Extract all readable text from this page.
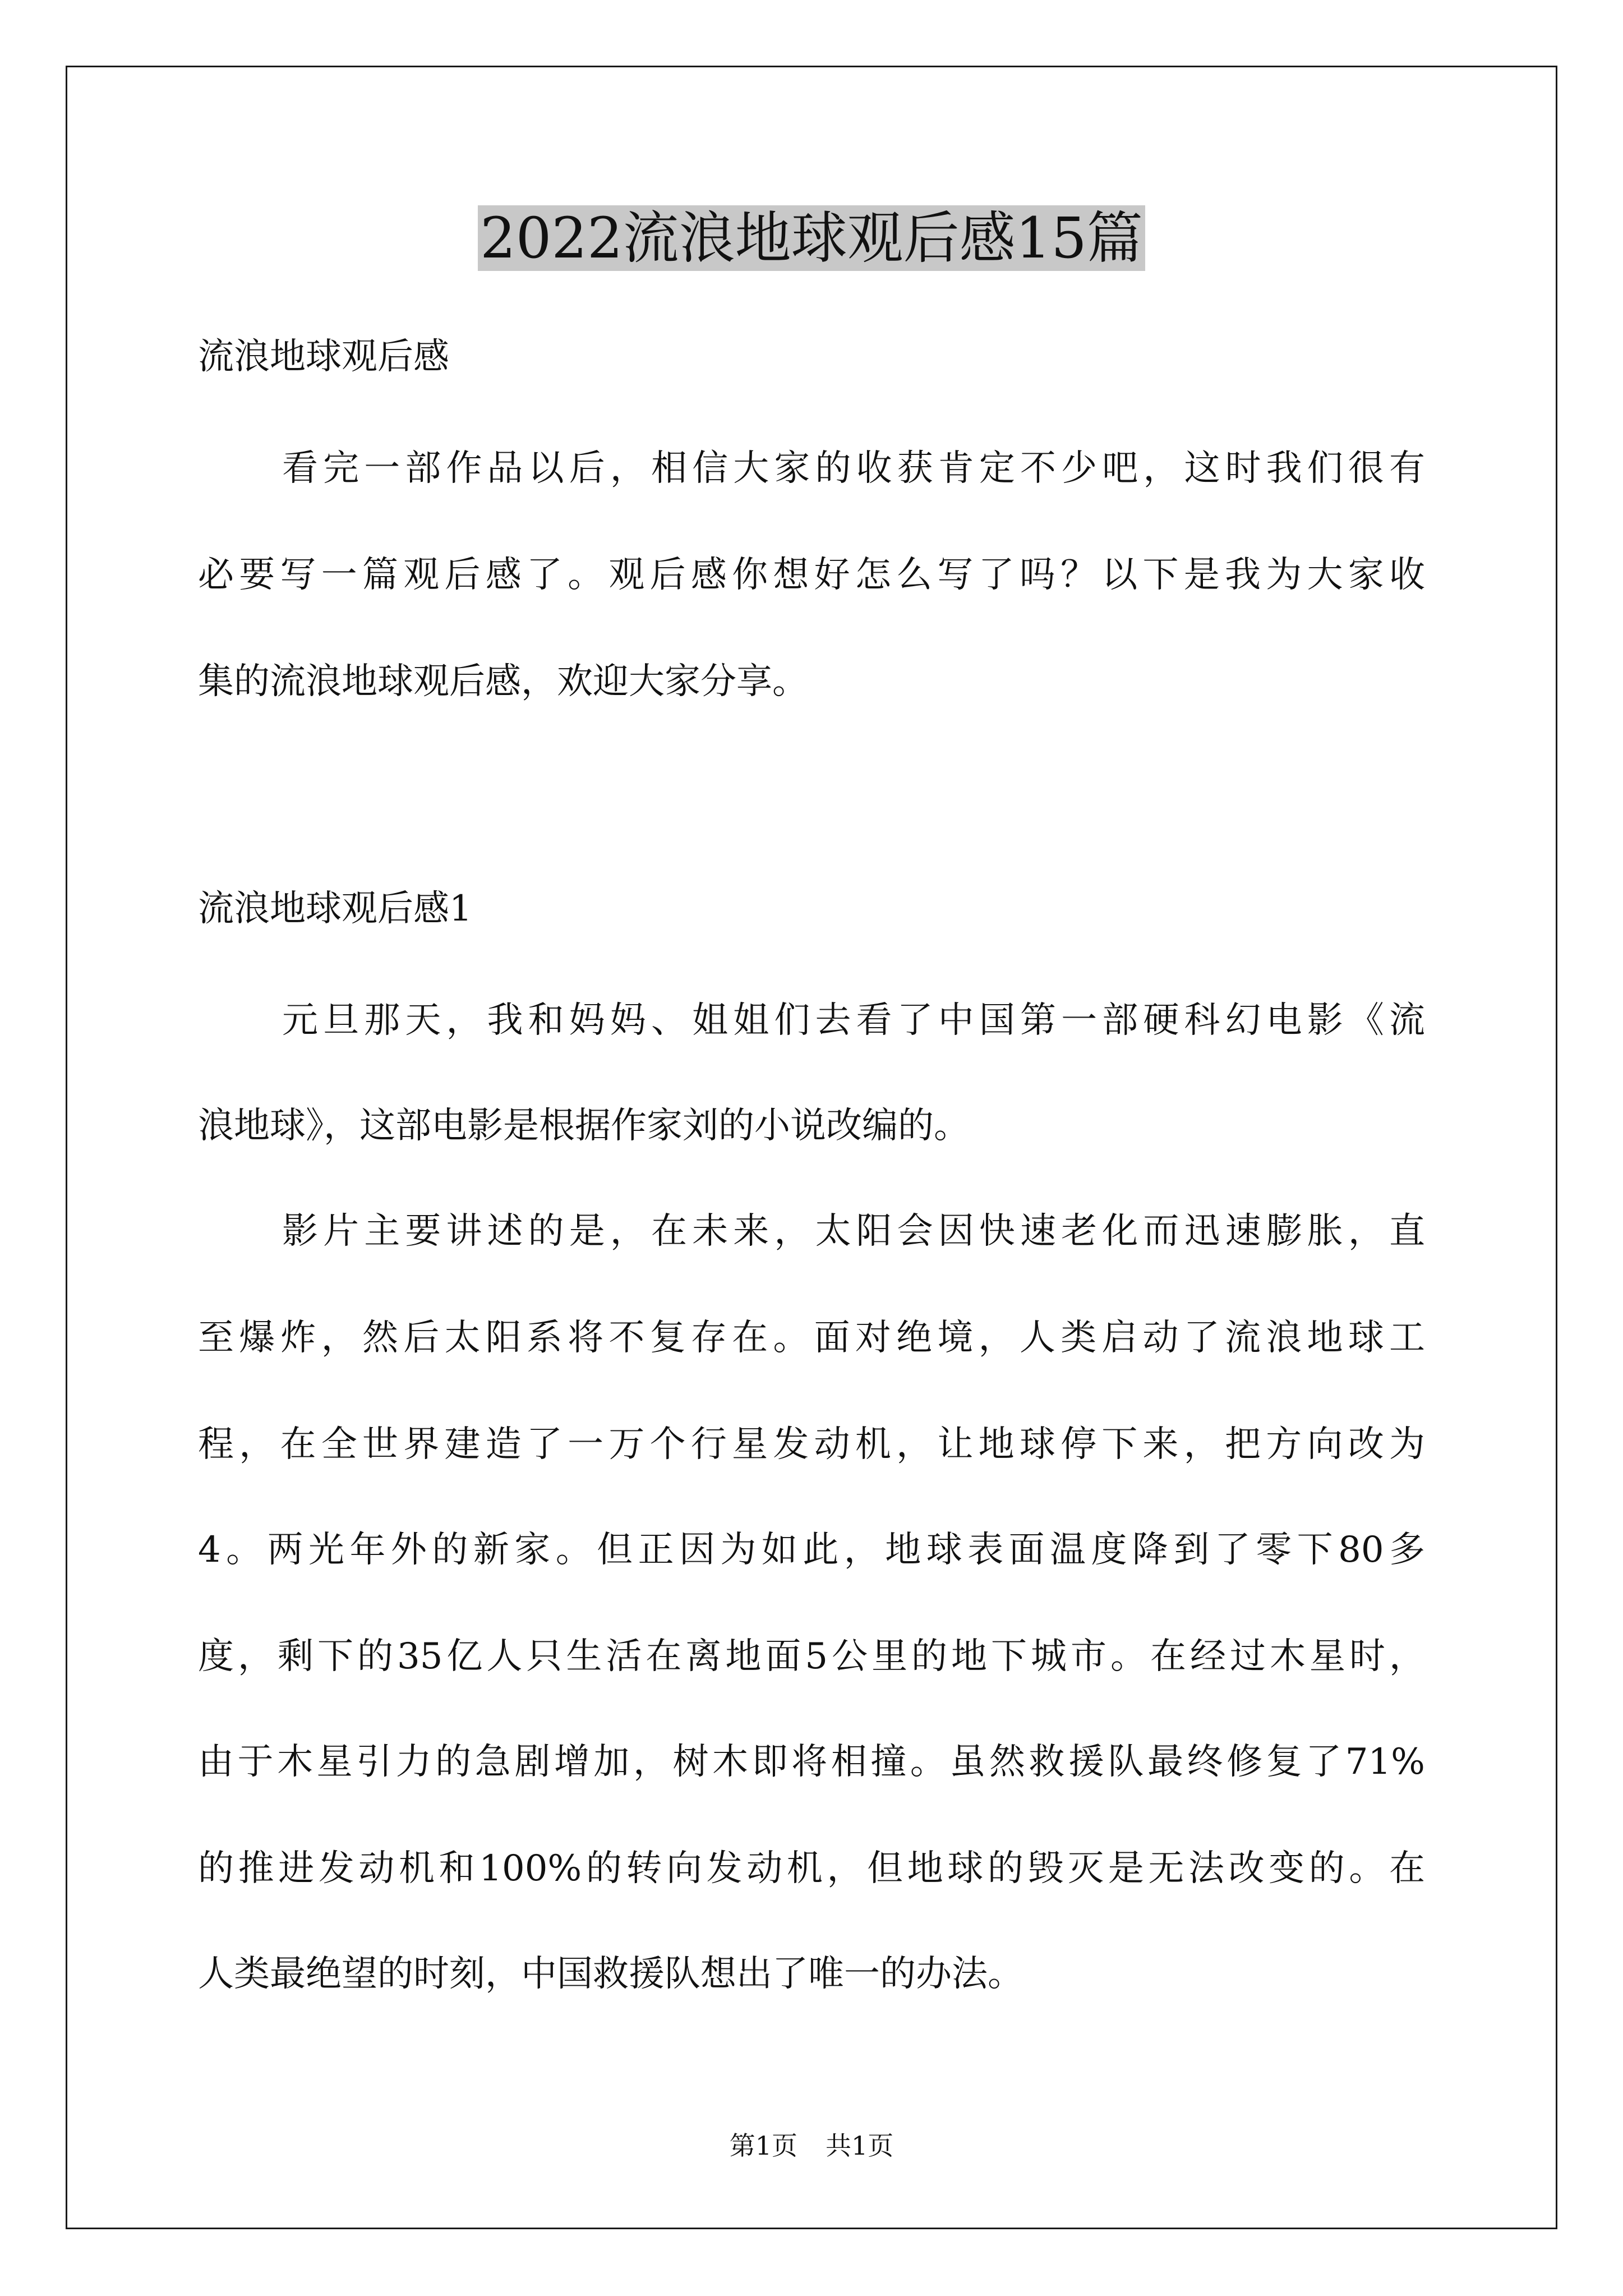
2022流浪地球观后感15篇
流浪地球观后感
看完一部作品以后，相信大家的收获肯定不少吧，这时我们很有
必要写一篇观后感了。观后感你想好怎么写了吗？以下是我为大家收
集的流浪地球观后感，欢迎大家分享。
流浪地球观后感1
元旦那天，我和妈妈、姐姐们去看了中国第一部硬科幻电影《流
浪地球》，这部电影是根据作家刘的小说改编的。
影片主要讲述的是，在未来，太阳会因快速老化而迅速膨胀，直
至爆炸，然后太阳系将不复存在。面对绝境，人类启动了流浪地球工
程，在全世界建造了一万个行星发动机，让地球停下来，把方向改为
4。两光年外的新家。但正因为如此，地球表面温度降到了零下80多
度，剩下的35亿人只生活在离地面5公里的地下城市。在经过木星时，
由于木星引力的急剧增加，树木即将相撞。虽然救援队最终修复了71%
的推进发动机和100%的转向发动机，但地球的毁灭是无法改变的。在
人类最绝望的时刻，中国救援队想出了唯一的办法。
第1页 共1页
